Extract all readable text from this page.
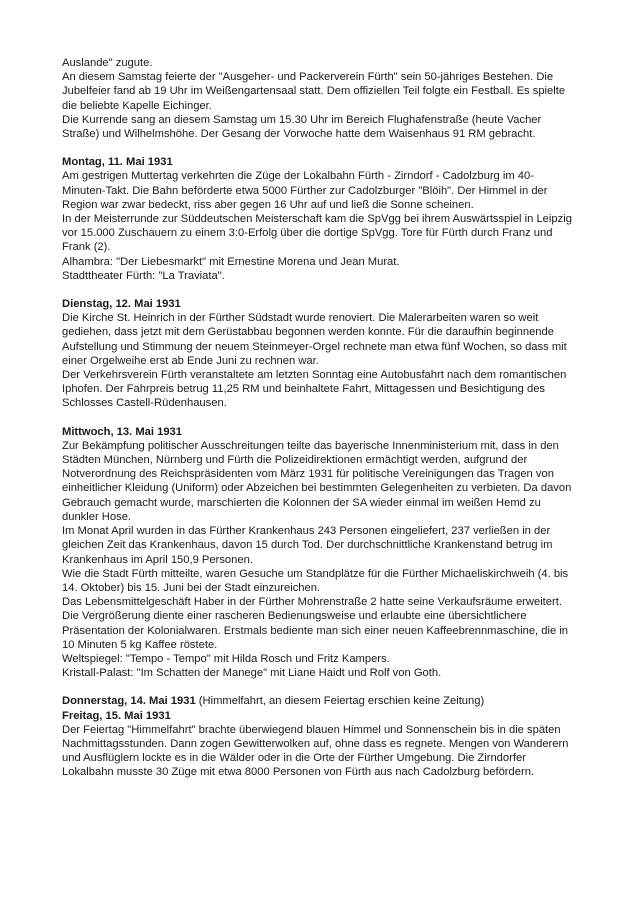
Auslande" zugute.

An diesem Samstag feierte der "Ausgeher- und Packerverein Fürth" sein 50-jähriges Bestehen. Die Jubelfeier fand ab 19 Uhr im Weißengartensaal statt. Dem offiziellen Teil folgte ein Festball. Es spielte die beliebte Kapelle Eichinger.

Die Kurrende sang an diesem Samstag um 15.30 Uhr im Bereich Flughafenstraße (heute Vacher Straße) und Wilhelmshöhe. Der Gesang der Vorwoche hatte dem Waisenhaus 91 RM gebracht.

Montag, 11. Mai 1931

Am gestrigen Muttertag verkehrten die Züge der Lokalbahn Fürth - Zirndorf - Cadolzburg im 40-Minuten-Takt. Die Bahn beförderte etwa 5000 Fürther zur Cadolzburger "Blöih". Der Himmel in der Region war zwar bedeckt, riss aber gegen 16 Uhr auf und ließ die Sonne scheinen.

In der Meisterrunde zur Süddeutschen Meisterschaft kam die SpVgg bei ihrem Auswärtsspiel in Leipzig vor 15.000 Zuschauern zu einem 3:0-Erfolg über die dortige SpVgg. Tore für Fürth durch Franz und Frank (2).

Alhambra: "Der Liebesmarkt" mit Ernestine Morena und Jean Murat.

Stadttheater Fürth: "La Traviata".

Dienstag, 12. Mai 1931

Die Kirche St. Heinrich in der Fürther Südstadt wurde renoviert. Die Malerarbeiten waren so weit gediehen, dass jetzt mit dem Gerüstabbau begonnen werden konnte. Für die daraufhin beginnende Aufstellung und Stimmung der neuem Steinmeyer-Orgel rechnete man etwa fünf Wochen, so dass mit einer Orgelweihe erst ab Ende Juni zu rechnen war.

Der Verkehrsverein Fürth veranstaltete am letzten Sonntag eine Autobusfahrt nach dem romantischen Iphofen. Der Fahrpreis betrug 11,25 RM und beinhaltete Fahrt, Mittagessen und Besichtigung des Schlosses Castell-Rüdenhausen.

Mittwoch, 13. Mai 1931

Zur Bekämpfung politischer Ausschreitungen teilte das bayerische Innenministerium mit, dass in den Städten München, Nürnberg und Fürth die Polizeidirektionen ermächtigt werden, aufgrund der Notverordnung des Reichspräsidenten vom März 1931 für politische Vereinigungen das Tragen von einheitlicher Kleidung (Uniform) oder Abzeichen bei bestimmten Gelegenheiten zu verbieten. Da davon Gebrauch gemacht wurde, marschierten die Kolonnen der SA wieder einmal im weißen Hemd zu dunkler Hose.

Im Monat April wurden in das Fürther Krankenhaus 243 Personen eingeliefert, 237 verließen in der gleichen Zeit das Krankenhaus, davon 15 durch Tod. Der durchschnittliche Krankenstand betrug im Krankenhaus im April 150,9 Personen.

Wie die Stadt Fürth mitteilte, waren Gesuche um Standplätze für die Fürther Michaeliskirchweih (4. bis 14. Oktober) bis 15. Juni bei der Stadt einzureichen.

Das Lebensmittelgeschäft Haber in der Fürther Mohrenstraße 2 hatte seine Verkaufsräume erweitert. Die Vergrößerung diente einer rascheren Bedienungsweise und erlaubte eine übersichtlichere Präsentation der Kolonialwaren. Erstmals bediente man sich einer neuen Kaffeebrennmaschine, die in 10 Minuten 5 kg Kaffee röstete.

Weltspiegel: "Tempo - Tempo" mit Hilda Rosch und Fritz Kampers.

Kristall-Palast: "Im Schatten der Manege" mit Liane Haidt und Rolf von Goth.

Donnerstag, 14. Mai 1931 (Himmelfahrt, an diesem Feiertag erschien keine Zeitung)

Freitag, 15. Mai 1931

Der Feiertag "Himmelfahrt" brachte überwiegend blauen Himmel und Sonnenschein bis in die späten Nachmittagsstunden. Dann zogen Gewitterwolken auf, ohne dass es regnete. Mengen von Wanderern und Ausflüglern lockte es in die Wälder oder in die Orte der Fürther Umgebung. Die Zirndorfer Lokalbahn musste 30 Züge mit etwa 8000 Personen von Fürth aus nach Cadolzburg befördern.
